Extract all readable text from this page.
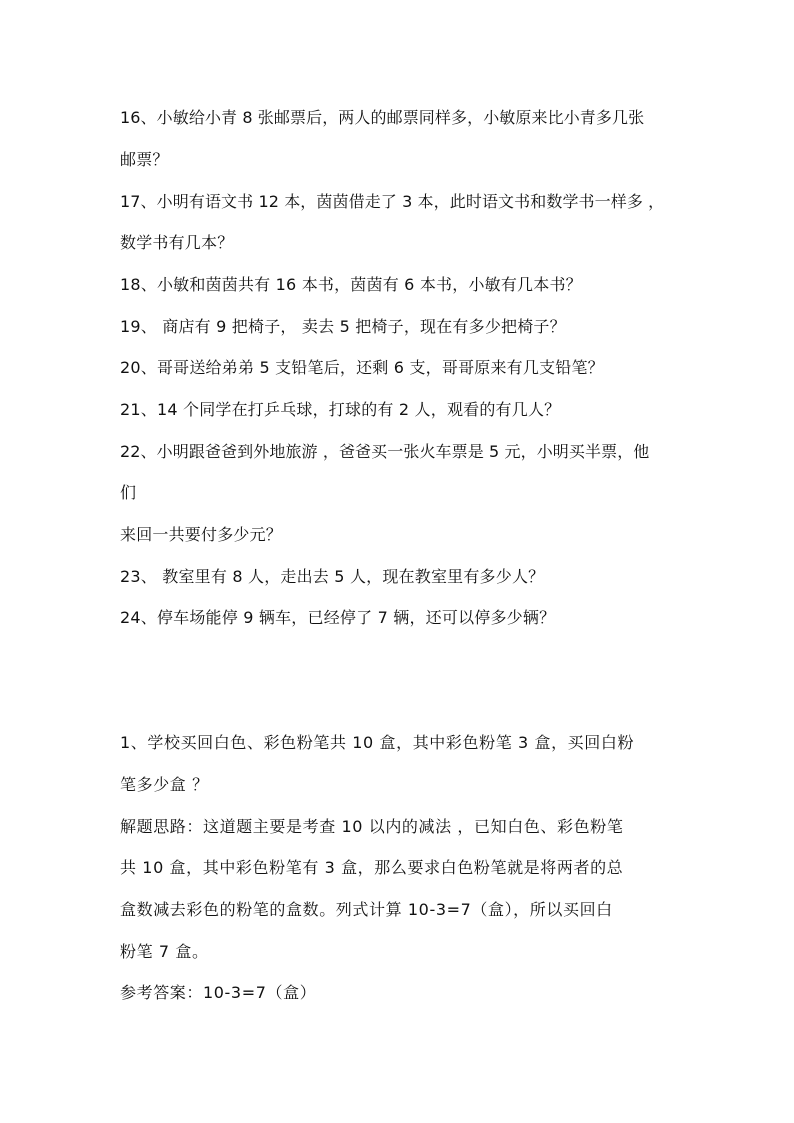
16、小敏给小青 8 张邮票后，两人的邮票同样多，小敏原来比小青多几张
邮票？
17、小明有语文书 12 本，茵茵借走了 3 本，此时语文书和数学书一样多 ，
数学书有几本？
18、小敏和茵茵共有 16 本书，茵茵有 6 本书，小敏有几本书？
19、 商店有 9 把椅子， 卖去 5 把椅子，现在有多少把椅子？
20、哥哥送给弟弟 5 支铅笔后，还剩 6 支，哥哥原来有几支铅笔？
21、14 个同学在打乒乓球，打球的有 2 人，观看的有几人？
22、小明跟爸爸到外地旅游 ，爸爸买一张火车票是 5 元，小明买半票，他
们
来回一共要付多少元？
23、 教室里有 8 人，走出去 5 人，现在教室里有多少人？
24、停车场能停 9 辆车，已经停了 7 辆，还可以停多少辆？
1、学校买回白色、彩色粉笔共 10 盒，其中彩色粉笔 3 盒，买回白粉
笔多少盒 ？
解题思路：这道题主要是考查 10 以内的减法 ，已知白色、彩色粉笔
共 10 盒，其中彩色粉笔有 3 盒，那么要求白色粉笔就是将两者的总
盒数减去彩色的粉笔的盒数。列式计算 10-3=7（盒），所以买回白
粉笔 7 盒。
参考答案：10-3=7（盒）
